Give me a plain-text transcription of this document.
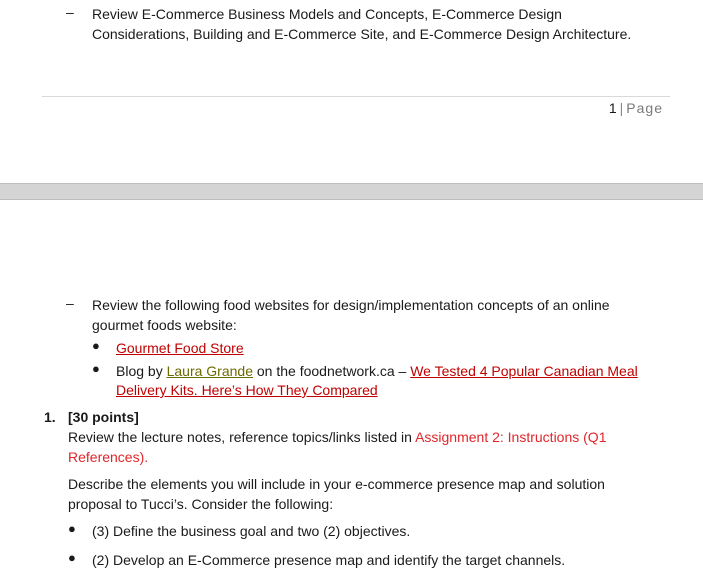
– Review E-Commerce Business Models and Concepts, E-Commerce Design
Considerations, Building and E-Commerce Site, and E-Commerce Design Architecture.
1 | Page
– Review the following food websites for design/implementation concepts of an online
gourmet foods website:
● Gourmet Food Store
● Blog by Laura Grande on the foodnetwork.ca – We Tested 4 Popular Canadian Meal
Delivery Kits. Here’s How They Compared
1. [30 points]
Review the lecture notes, reference topics/links listed in Assignment 2: Instructions (Q1
References).
Describe the elements you will include in your e-commerce presence map and solution
proposal to Tucci’s. Consider the following:
● (3) Define the business goal and two (2) objectives.
● (2) Develop an E-Commerce presence map and identify the target channels.
